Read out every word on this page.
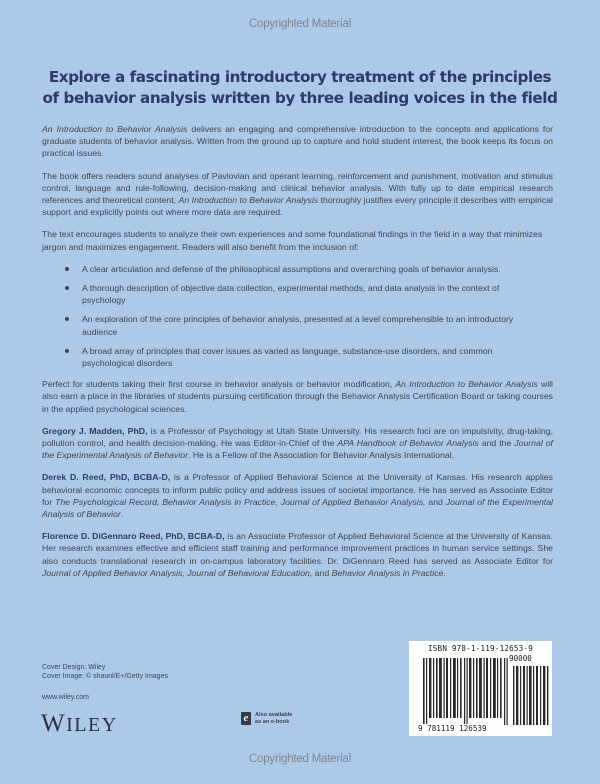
Copyrighted Material
Explore a fascinating introductory treatment of the principles
of behavior analysis written by three leading voices in the field

An Introduction to Behavior Analysis delivers an engaging and comprehensive introduction to the concepts and applications for graduate students of behavior analysis. Written from the ground up to capture and hold student interest, the book keeps its focus on practical issues.

The book offers readers sound analyses of Pavlovian and operant learning, reinforcement and punishment, motivation and stimulus control, language and rule-following, decision-making and clinical behavior analysis. With fully up to date empirical research references and theoretical content, An Introduction to Behavior Analysis thoroughly justifies every principle it describes with empirical support and explicitly points out where more data are required.

The text encourages students to analyze their own experiences and some foundational findings in the field in a way that minimizes jargon and maximizes engagement. Readers will also benefit from the inclusion of:

A clear articulation and defense of the philosophical assumptions and overarching goals of behavior analysis.
A thorough description of objective data collection, experimental methods, and data analysis in the context of psychology
An exploration of the core principles of behavior analysis, presented at a level comprehensible to an introductory audience
A broad array of principles that cover issues as varied as language, substance-use disorders, and common psychological disorders

Perfect for students taking their first course in behavior analysis or behavior modification, An Introduction to Behavior Analysis will also earn a place in the libraries of students pursuing certification through the Behavior Analysis Certification Board or taking courses in the applied psychological sciences.

Gregory J. Madden, PhD, is a Professor of Psychology at Utah State University. His research foci are on impulsivity, drug-taking, pollution control, and health decision-making. He was Editor-in-Chief of the APA Handbook of Behavior Analysis and the Journal of the Experimental Analysis of Behavior. He is a Fellow of the Association for Behavior Analysis International.

Derek D. Reed, PhD, BCBA-D, is a Professor of Applied Behavioral Science at the University of Kansas. His research applies behavioral economic concepts to inform public policy and address issues of societal importance. He has served as Associate Editor for The Psychological Record, Behavior Analysis in Practice, Journal of Applied Behavior Analysis, and Journal of the Experimental Analysis of Behavior.

Florence D. DiGennaro Reed, PhD, BCBA-D, is an Associate Professor of Applied Behavioral Science at the University of Kansas. Her research examines effective and efficient staff training and performance improvement practices in human service settings. She also conducts translational research in on-campus laboratory facilities. Dr. DiGennaro Reed has served as Associate Editor for Journal of Applied Behavior Analysis, Journal of Behavioral Education, and Behavior Analysis in Practice.

Cover Design: Wiley
Cover Image: © shaunl/E+/Getty Images
www.wiley.com
WILEY	e	Also available
as an e-book
ISBN 978-1-119-12653-9
90000
9 781119 126539
Copyrighted Material
